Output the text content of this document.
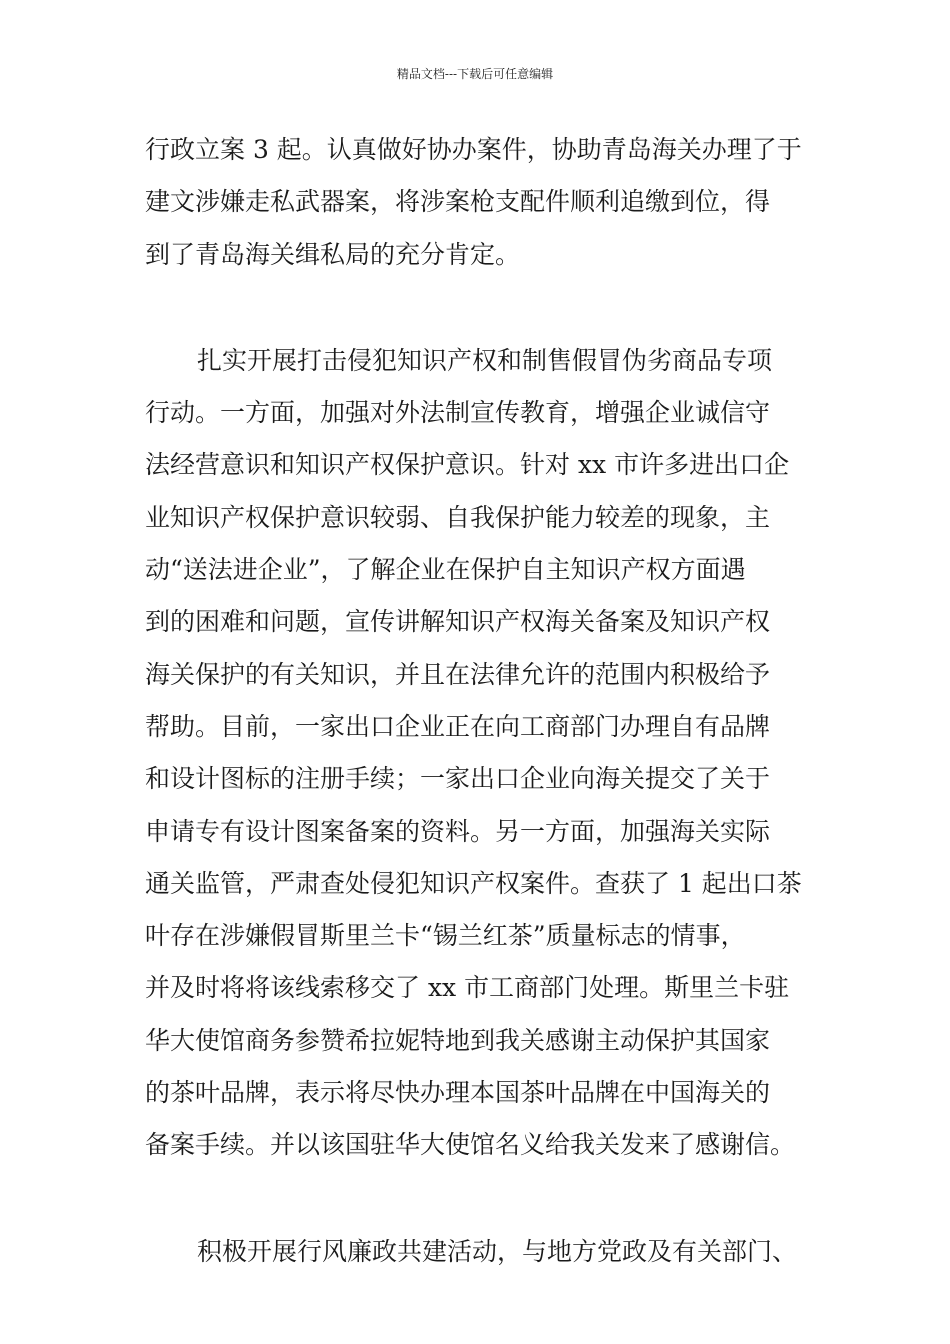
精品文档---下载后可任意编辑
行政立案 3 起。认真做好协办案件，协助青岛海关办理了于
建文涉嫌走私武器案，将涉案枪支配件顺利追缴到位，得
到了青岛海关缉私局的充分肯定。
扎实开展打击侵犯知识产权和制售假冒伪劣商品专项
行动。一方面，加强对外法制宣传教育，增强企业诚信守
法经营意识和知识产权保护意识。针对 xx 市许多进出口企
业知识产权保护意识较弱、自我保护能力较差的现象，主
动“送法进企业”，了解企业在保护自主知识产权方面遇
到的困难和问题，宣传讲解知识产权海关备案及知识产权
海关保护的有关知识，并且在法律允许的范围内积极给予
帮助。目前，一家出口企业正在向工商部门办理自有品牌
和设计图标的注册手续；一家出口企业向海关提交了关于
申请专有设计图案备案的资料。另一方面，加强海关实际
通关监管，严肃查处侵犯知识产权案件。查获了 1 起出口茶
叶存在涉嫌假冒斯里兰卡“锡兰红茶”质量标志的情事，
并及时将将该线索移交了 xx 市工商部门处理。斯里兰卡驻
华大使馆商务参赞希拉妮特地到我关感谢主动保护其国家
的茶叶品牌，表示将尽快办理本国茶叶品牌在中国海关的
备案手续。并以该国驻华大使馆名义给我关发来了感谢信。
积极开展行风廉政共建活动，与地方党政及有关部门、
